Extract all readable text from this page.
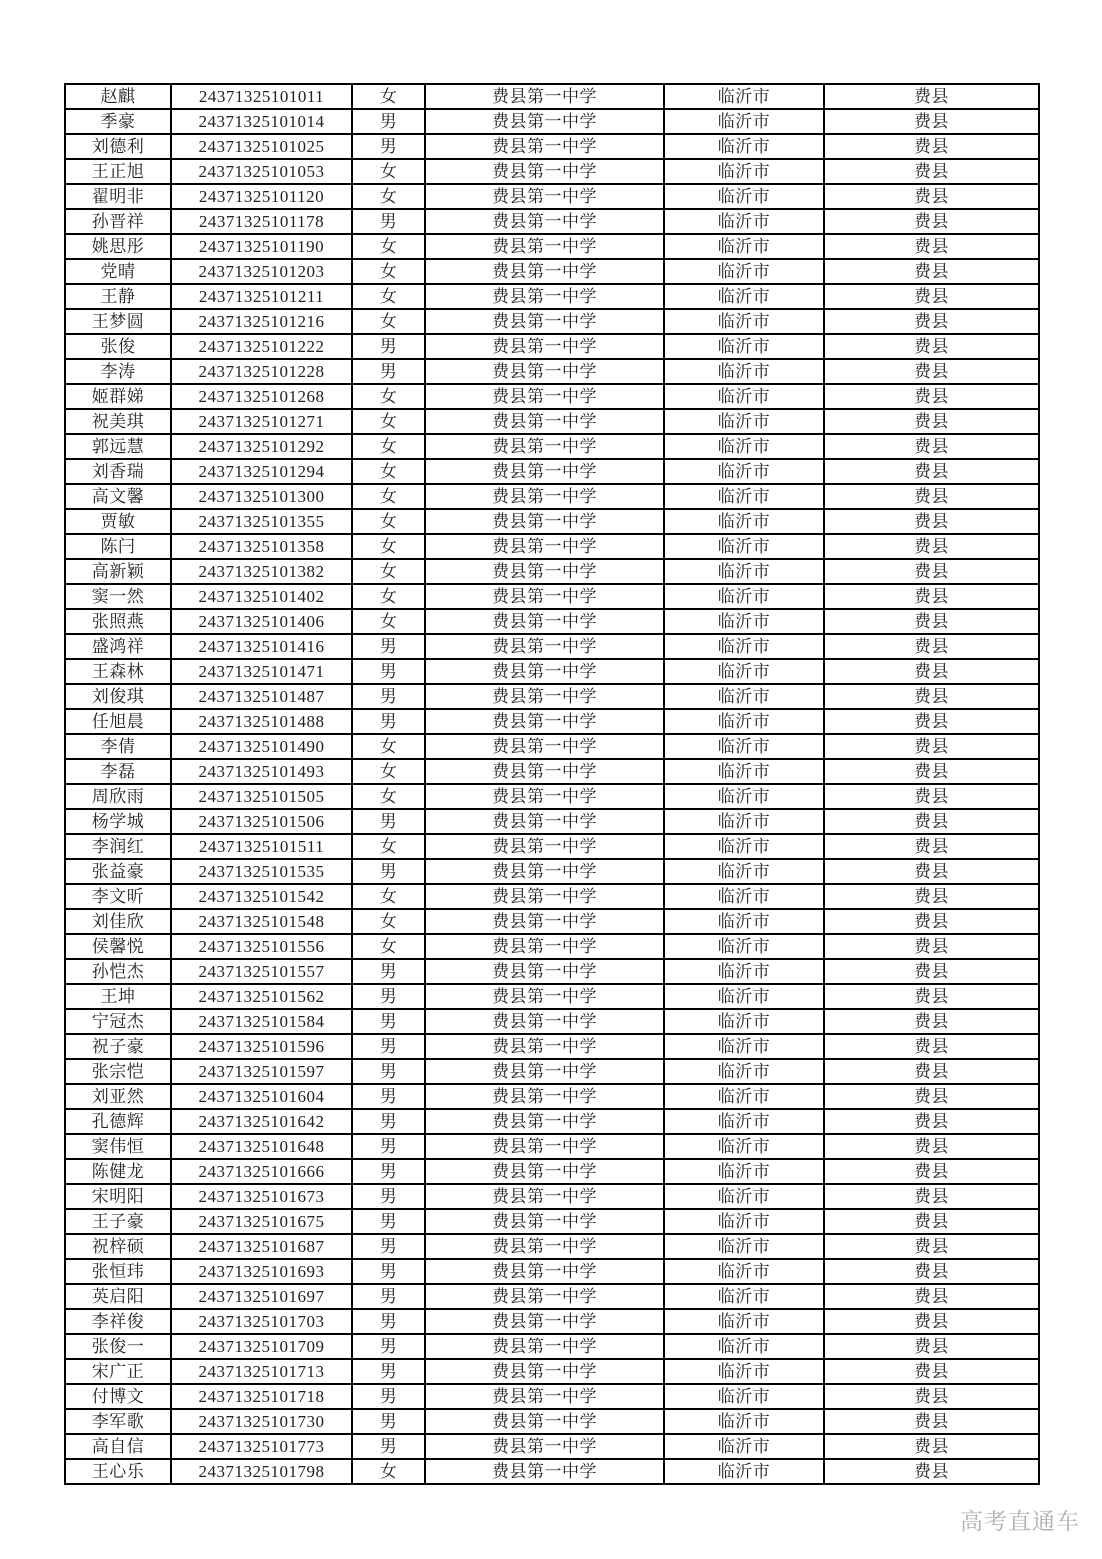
赵麒	24371325101011	女	费县第一中学	临沂市	费县
季豪	24371325101014	男	费县第一中学	临沂市	费县
刘德利	24371325101025	男	费县第一中学	临沂市	费县
王正旭	24371325101053	女	费县第一中学	临沂市	费县
翟明非	24371325101120	女	费县第一中学	临沂市	费县
孙晋祥	24371325101178	男	费县第一中学	临沂市	费县
姚思彤	24371325101190	女	费县第一中学	临沂市	费县
党晴	24371325101203	女	费县第一中学	临沂市	费县
王静	24371325101211	女	费县第一中学	临沂市	费县
王梦圆	24371325101216	女	费县第一中学	临沂市	费县
张俊	24371325101222	男	费县第一中学	临沂市	费县
李涛	24371325101228	男	费县第一中学	临沂市	费县
姬群娣	24371325101268	女	费县第一中学	临沂市	费县
祝美琪	24371325101271	女	费县第一中学	临沂市	费县
郭远慧	24371325101292	女	费县第一中学	临沂市	费县
刘香瑞	24371325101294	女	费县第一中学	临沂市	费县
高文馨	24371325101300	女	费县第一中学	临沂市	费县
贾敏	24371325101355	女	费县第一中学	临沂市	费县
陈闩	24371325101358	女	费县第一中学	临沂市	费县
高新颖	24371325101382	女	费县第一中学	临沂市	费县
窦一然	24371325101402	女	费县第一中学	临沂市	费县
张照燕	24371325101406	女	费县第一中学	临沂市	费县
盛鸿祥	24371325101416	男	费县第一中学	临沂市	费县
王森林	24371325101471	男	费县第一中学	临沂市	费县
刘俊琪	24371325101487	男	费县第一中学	临沂市	费县
任旭晨	24371325101488	男	费县第一中学	临沂市	费县
李倩	24371325101490	女	费县第一中学	临沂市	费县
李磊	24371325101493	女	费县第一中学	临沂市	费县
周欣雨	24371325101505	女	费县第一中学	临沂市	费县
杨学城	24371325101506	男	费县第一中学	临沂市	费县
李润红	24371325101511	女	费县第一中学	临沂市	费县
张益豪	24371325101535	男	费县第一中学	临沂市	费县
李文昕	24371325101542	女	费县第一中学	临沂市	费县
刘佳欣	24371325101548	女	费县第一中学	临沂市	费县
侯馨悦	24371325101556	女	费县第一中学	临沂市	费县
孙恺杰	24371325101557	男	费县第一中学	临沂市	费县
王坤	24371325101562	男	费县第一中学	临沂市	费县
宁冠杰	24371325101584	男	费县第一中学	临沂市	费县
祝子豪	24371325101596	男	费县第一中学	临沂市	费县
张宗恺	24371325101597	男	费县第一中学	临沂市	费县
刘亚然	24371325101604	男	费县第一中学	临沂市	费县
孔德辉	24371325101642	男	费县第一中学	临沂市	费县
窦伟恒	24371325101648	男	费县第一中学	临沂市	费县
陈健龙	24371325101666	男	费县第一中学	临沂市	费县
宋明阳	24371325101673	男	费县第一中学	临沂市	费县
王子豪	24371325101675	男	费县第一中学	临沂市	费县
祝梓硕	24371325101687	男	费县第一中学	临沂市	费县
张恒玮	24371325101693	男	费县第一中学	临沂市	费县
英启阳	24371325101697	男	费县第一中学	临沂市	费县
李祥俊	24371325101703	男	费县第一中学	临沂市	费县
张俊一	24371325101709	男	费县第一中学	临沂市	费县
宋广正	24371325101713	男	费县第一中学	临沂市	费县
付博文	24371325101718	男	费县第一中学	临沂市	费县
李军歌	24371325101730	男	费县第一中学	临沂市	费县
高自信	24371325101773	男	费县第一中学	临沂市	费县
王心乐	24371325101798	女	费县第一中学	临沂市	费县
高考直通车
